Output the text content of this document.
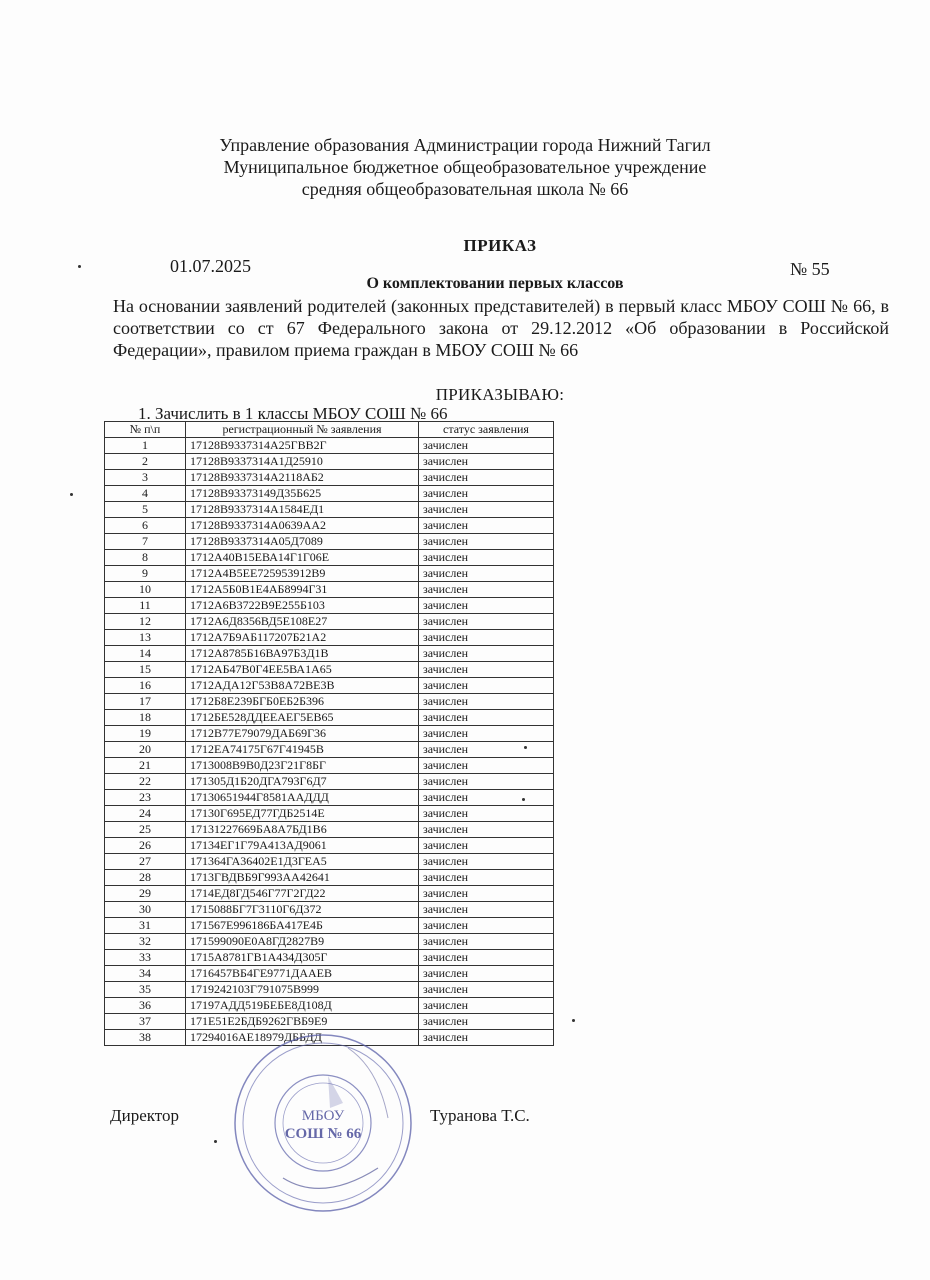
Управление образования Администрации города Нижний Тагил
Муниципальное бюджетное общеобразовательное учреждение
средняя общеобразовательная школа № 66
ПРИКАЗ
01.07.2025	№ 55
О комплектовании первых классов
На основании заявлений родителей (законных представителей) в первый класс МБОУ СОШ № 66, в соответствии со ст 67 Федерального закона от 29.12.2012 «Об образовании в Российской Федерации», правилом приема граждан в МБОУ СОШ № 66
ПРИКАЗЫВАЮ:
1. Зачислить в 1 классы МБОУ СОШ № 66
№ п\п	регистрационный № заявления	статус заявления
1	17128В9337314А25ГВВ2Г	зачислен
2	17128В9337314А1Д25910	зачислен
3	17128В9337314А2118АБ2	зачислен
4	17128В93373149Д35Б625	зачислен
5	17128В9337314А1584ЕД1	зачислен
6	17128В9337314А0639АА2	зачислен
7	17128В9337314А05Д7089	зачислен
8	1712А40В15ЕВА14Г1Г06Е	зачислен
9	1712А4В5ЕЕ725953912В9	зачислен
10	1712А5Б0В1Е4АБ8994Г31	зачислен
11	1712А6В3722В9Е255Б103	зачислен
12	1712А6Д8356ВД5Е108Е27	зачислен
13	1712А7Б9АБ117207Б21А2	зачислен
14	1712А8785Б16ВА97Б3Д1В	зачислен
15	1712АБ47В0Г4ЕЕ5ВА1А65	зачислен
16	1712АДА12Г53В8А72ВЕ3В	зачислен
17	1712Б8Е239БГБ0ЕБ2Б396	зачислен
18	1712БЕ528ДДЕЕАЕГ5ЕВ65	зачислен
19	1712В77Е79079ДАБ69Г36	зачислен
20	1712ЕА74175Г67Г41945В	зачислен
21	1713008В9В0Д23Г21Г8БГ	зачислен
22	171305Д1Б20ДГА793Г6Д7	зачислен
23	17130651944Г8581ААДДД	зачислен
24	17130Г695ЕД77ГДБ2514Е	зачислен
25	17131227669БА8А7БД1В6	зачислен
26	17134ЕГ1Г79А413АД9061	зачислен
27	171364ГА36402Е1Д3ГЕА5	зачислен
28	1713ГВДВБ9Г993АА42641	зачислен
29	1714ЕД8ГД546Г77Г2ГД22	зачислен
30	1715088БГ7Г3110Г6Д372	зачислен
31	171567Е996186БА417Е4Б	зачислен
32	171599090Е0А8ГД2827В9	зачислен
33	1715А8781ГВ1А434Д305Г	зачислен
34	1716457ВБ4ГЕ9771ДААЕВ	зачислен
35	1719242103Г791075В999	зачислен
36	17197АДД519БЕБЕ8Д108Д	зачислен
37	171Е51Е2БДБ9262ГВБ9Е9	зачислен
38	17294016АЕ18979ДББДД	зачислен
Директор	Туранова Т.С.
МБОУ
СОШ № 66
